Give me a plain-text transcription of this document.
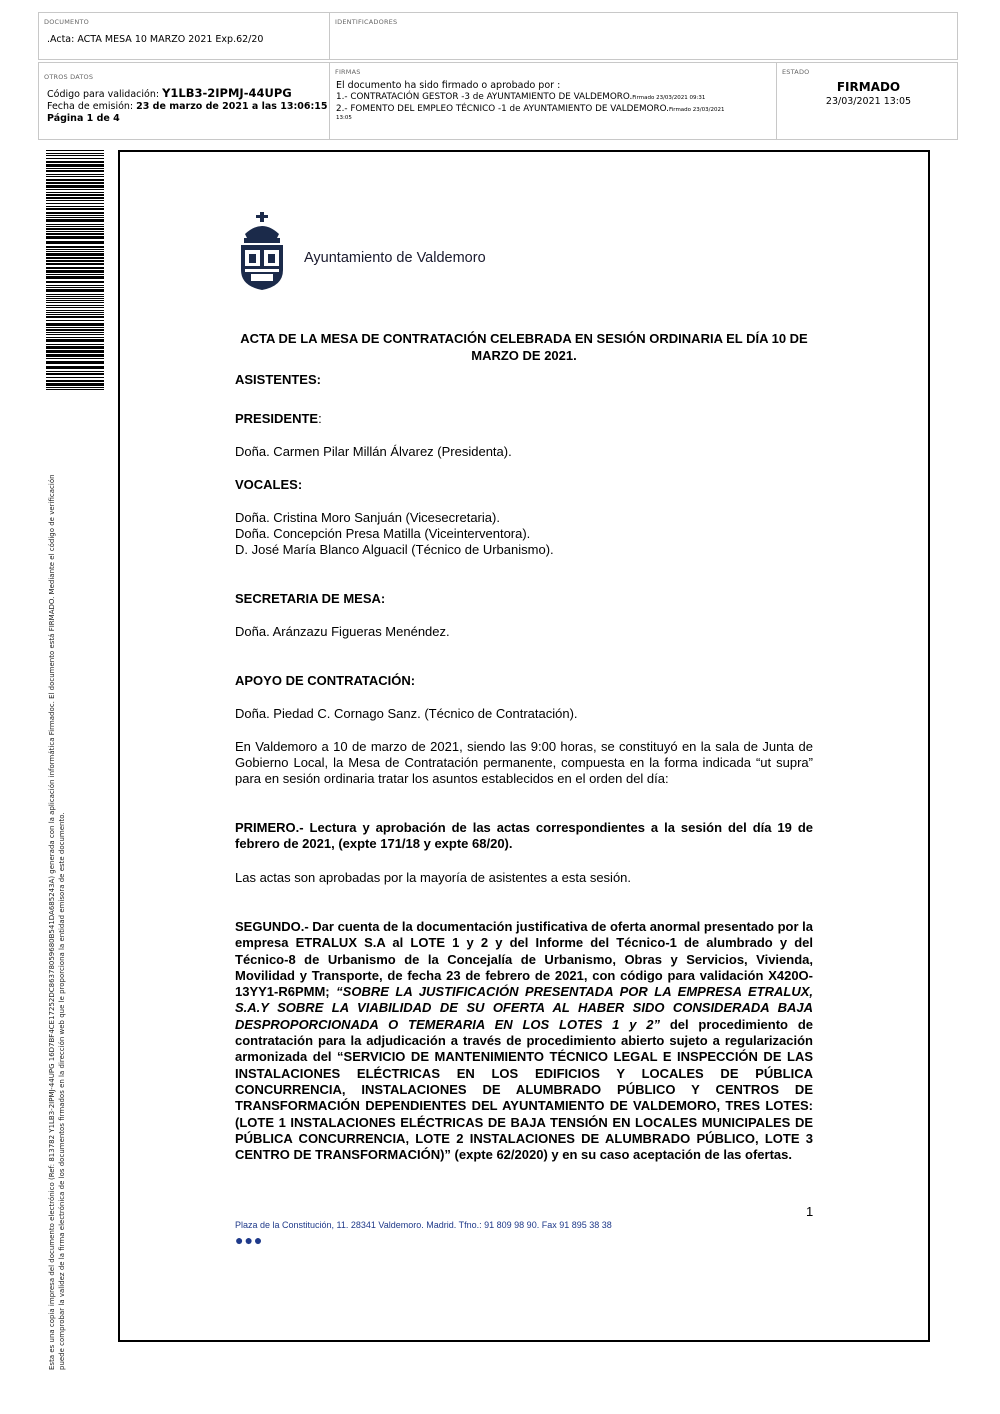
DOCUMENTO
.Acta: ACTA MESA 10 MARZO 2021 Exp.62/20
IDENTIFICADORES
OTROS DATOS
Código para validación: Y1LB3-2IPMJ-44UPG
Fecha de emisión: 23 de marzo de 2021 a las 13:06:15
Página 1 de 4
FIRMAS
El documento ha sido firmado o aprobado por :
1.- CONTRATACIÓN GESTOR -3 de AYUNTAMIENTO DE VALDEMORO.Firmado 23/03/2021 09:31
2.- FOMENTO DEL EMPLEO TÉCNICO -1 de AYUNTAMIENTO DE VALDEMORO.Firmado 23/03/2021
13:05
ESTADO
FIRMADO
23/03/2021 13:05
Esta es una copia impresa del documento electrónico (Ref: 813782 Y1LB3-2IPMJ-44UPG 16D7BF4CE17252DC86378059680B541DA685243A) generada con la aplicación informática Firmadoc. El documento está FIRMADO. Mediante el código de verificación puede comprobar la validez de la firma electrónica de los documentos firmados en la dirección web que le proporciona la entidad emisora de este documento.
Ayuntamiento de Valdemoro
ACTA DE LA MESA DE CONTRATACIÓN CELEBRADA EN SESIÓN ORDINARIA EL DÍA 10 DE MARZO DE 2021.
ASISTENTES:
PRESIDENTE:
Doña. Carmen Pilar Millán Álvarez (Presidenta).
VOCALES:
Doña. Cristina Moro Sanjuán (Vicesecretaria).
Doña. Concepción Presa Matilla (Viceinterventora).
D. José María Blanco Alguacil (Técnico de Urbanismo).
SECRETARIA DE MESA:
Doña. Aránzazu Figueras Menéndez.
APOYO DE CONTRATACIÓN:
Doña. Piedad C. Cornago Sanz. (Técnico de Contratación).
En Valdemoro a 10 de marzo de 2021, siendo las 9:00 horas, se constituyó en la sala de Junta de Gobierno Local, la Mesa de Contratación permanente, compuesta en la forma indicada “ut supra” para en sesión ordinaria tratar los asuntos establecidos en el orden del día:
PRIMERO.- Lectura y aprobación de las actas correspondientes a la sesión del día 19 de febrero de 2021, (expte 171/18 y expte 68/20).
Las actas son aprobadas por la mayoría de asistentes a esta sesión.
SEGUNDO.- Dar cuenta de la documentación justificativa de oferta anormal presentado por la empresa ETRALUX S.A al LOTE 1 y 2 y del Informe del Técnico-1 de alumbrado y del Técnico-8 de Urbanismo de la Concejalía de Urbanismo, Obras y Servicios, Vivienda, Movilidad y Transporte, de fecha 23 de febrero de 2021, con código para validación X420O-13YY1-R6PMM; “SOBRE LA JUSTIFICACIÓN PRESENTADA POR LA EMPRESA ETRALUX, S.A.Y SOBRE LA VIABILIDAD DE SU OFERTA AL HABER SIDO CONSIDERADA BAJA DESPROPORCIONADA O TEMERARIA EN LOS LOTES 1 y 2” del procedimiento de contratación para la adjudicación a través de procedimiento abierto sujeto a regularización armonizada del “SERVICIO DE MANTENIMIENTO TÉCNICO LEGAL E INSPECCIÓN DE LAS INSTALACIONES ELÉCTRICAS EN LOS EDIFICIOS Y LOCALES DE PÚBLICA CONCURRENCIA, INSTALACIONES DE ALUMBRADO PÚBLICO Y CENTROS DE TRANSFORMACIÓN DEPENDIENTES DEL AYUNTAMIENTO DE VALDEMORO, TRES LOTES: (LOTE 1 INSTALACIONES ELÉCTRICAS DE BAJA TENSIÓN EN LOCALES MUNICIPALES DE PÚBLICA CONCURRENCIA, LOTE 2 INSTALACIONES DE ALUMBRADO PÚBLICO, LOTE 3 CENTRO DE TRANSFORMACIÓN)” (expte 62/2020) y en su caso aceptación de las ofertas.
1
Plaza de la Constitución, 11. 28341 Valdemoro. Madrid. Tfno.: 91 809 98 90. Fax 91 895 38 38
●●●
